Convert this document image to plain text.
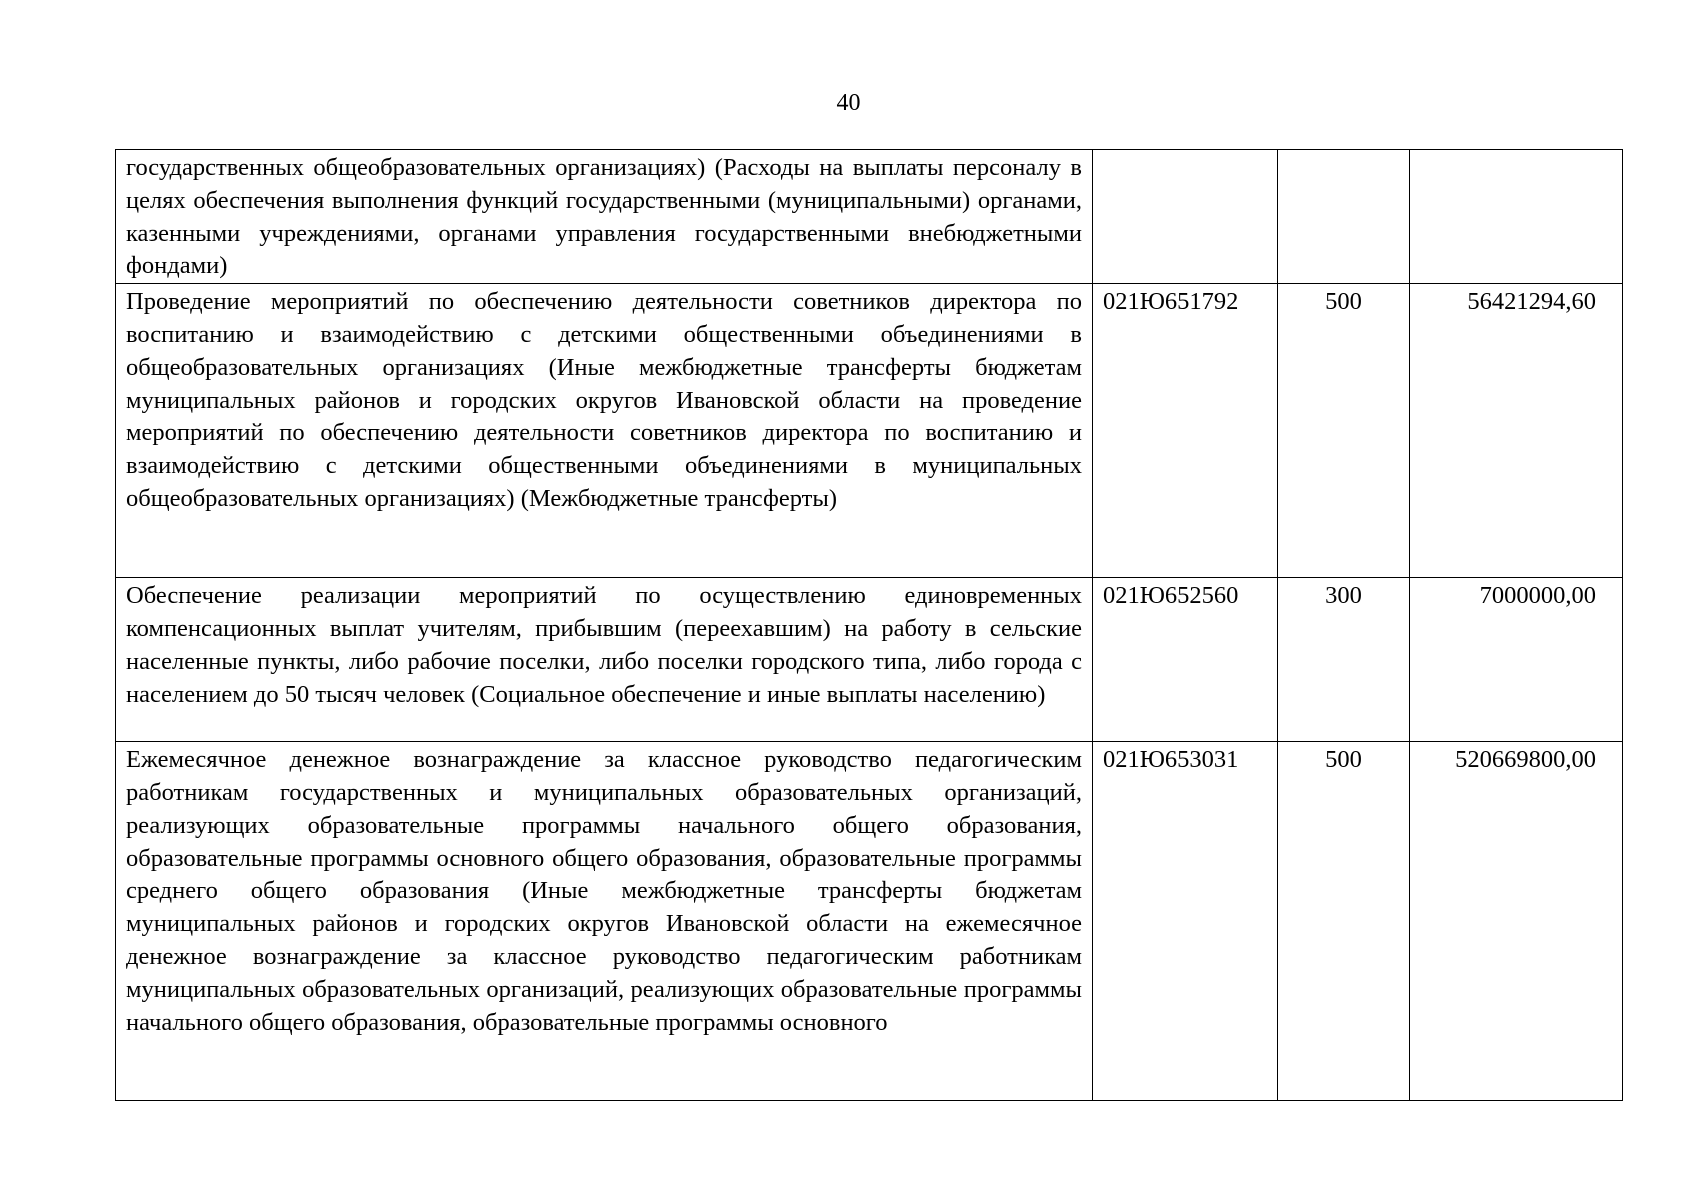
40
государственных общеобразовательных организациях) (Расходы на выплаты персоналу в целях обеспечения выполнения функций государственными (муниципальными) органами, казенными учреждениями, органами управления государственными внебюджетными фондами)			
Проведение мероприятий по обеспечению деятельности советников директора по воспитанию и взаимодействию с детскими общественными объединениями в общеобразовательных организациях (Иные межбюджетные трансферты бюджетам муниципальных районов и городских округов Ивановской области на проведение мероприятий по обеспечению деятельности советников директора по воспитанию и взаимодействию с детскими общественными объединениями в муниципальных общеобразовательных организациях) (Межбюджетные трансферты)	021Ю651792	500	56421294,60
Обеспечение реализации мероприятий по осуществлению единовременных компенсационных выплат учителям, прибывшим (переехавшим) на работу в сельские населенные пункты, либо рабочие поселки, либо поселки городского типа, либо города с населением до 50 тысяч человек (Социальное обеспечение и иные выплаты населению)	021Ю652560	300	7000000,00
Ежемесячное денежное вознаграждение за классное руководство педагогическим работникам государственных и муниципальных образовательных организаций, реализующих образовательные программы начального общего образования, образовательные программы основного общего образования, образовательные программы среднего общего образования (Иные межбюджетные трансферты бюджетам муниципальных районов и городских округов Ивановской области на ежемесячное денежное вознаграждение за классное руководство педагогическим работникам муниципальных образовательных организаций, реализующих образовательные программы начального общего образования, образовательные программы основного	021Ю653031	500	520669800,00
